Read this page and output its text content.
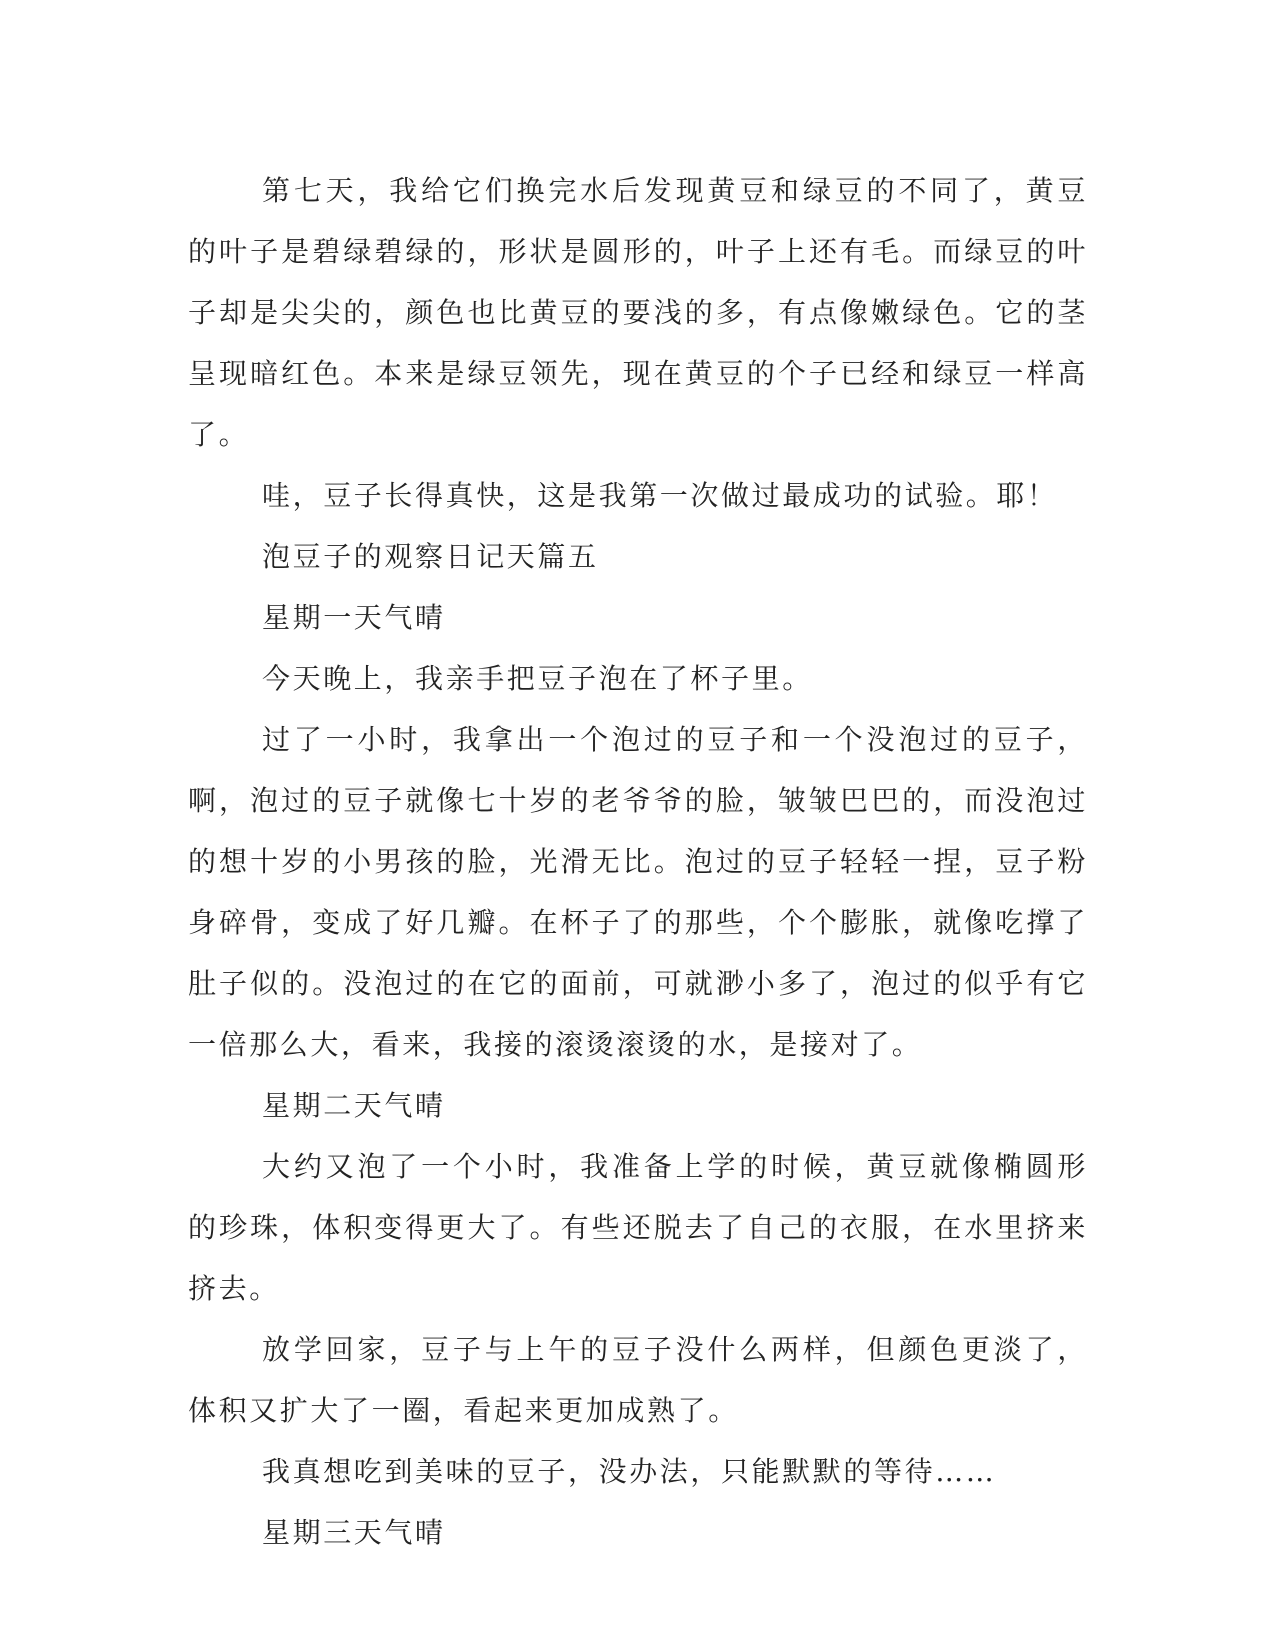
第七天，我给它们换完水后发现黄豆和绿豆的不同了，黄豆的叶子是碧绿碧绿的，形状是圆形的，叶子上还有毛。而绿豆的叶子却是尖尖的，颜色也比黄豆的要浅的多，有点像嫩绿色。它的茎呈现暗红色。本来是绿豆领先，现在黄豆的个子已经和绿豆一样高了。

哇，豆子长得真快，这是我第一次做过最成功的试验。耶！

泡豆子的观察日记天篇五

星期一天气晴

今天晚上，我亲手把豆子泡在了杯子里。

过了一小时，我拿出一个泡过的豆子和一个没泡过的豆子，啊，泡过的豆子就像七十岁的老爷爷的脸，皱皱巴巴的，而没泡过的想十岁的小男孩的脸，光滑无比。泡过的豆子轻轻一捏，豆子粉身碎骨，变成了好几瓣。在杯子了的那些，个个膨胀，就像吃撑了肚子似的。没泡过的在它的面前，可就渺小多了，泡过的似乎有它一倍那么大，看来，我接的滚烫滚烫的水，是接对了。

星期二天气晴

大约又泡了一个小时，我准备上学的时候，黄豆就像椭圆形的珍珠，体积变得更大了。有些还脱去了自己的衣服，在水里挤来挤去。

放学回家，豆子与上午的豆子没什么两样，但颜色更淡了，体积又扩大了一圈，看起来更加成熟了。

我真想吃到美味的豆子，没办法，只能默默的等待……

星期三天气晴
